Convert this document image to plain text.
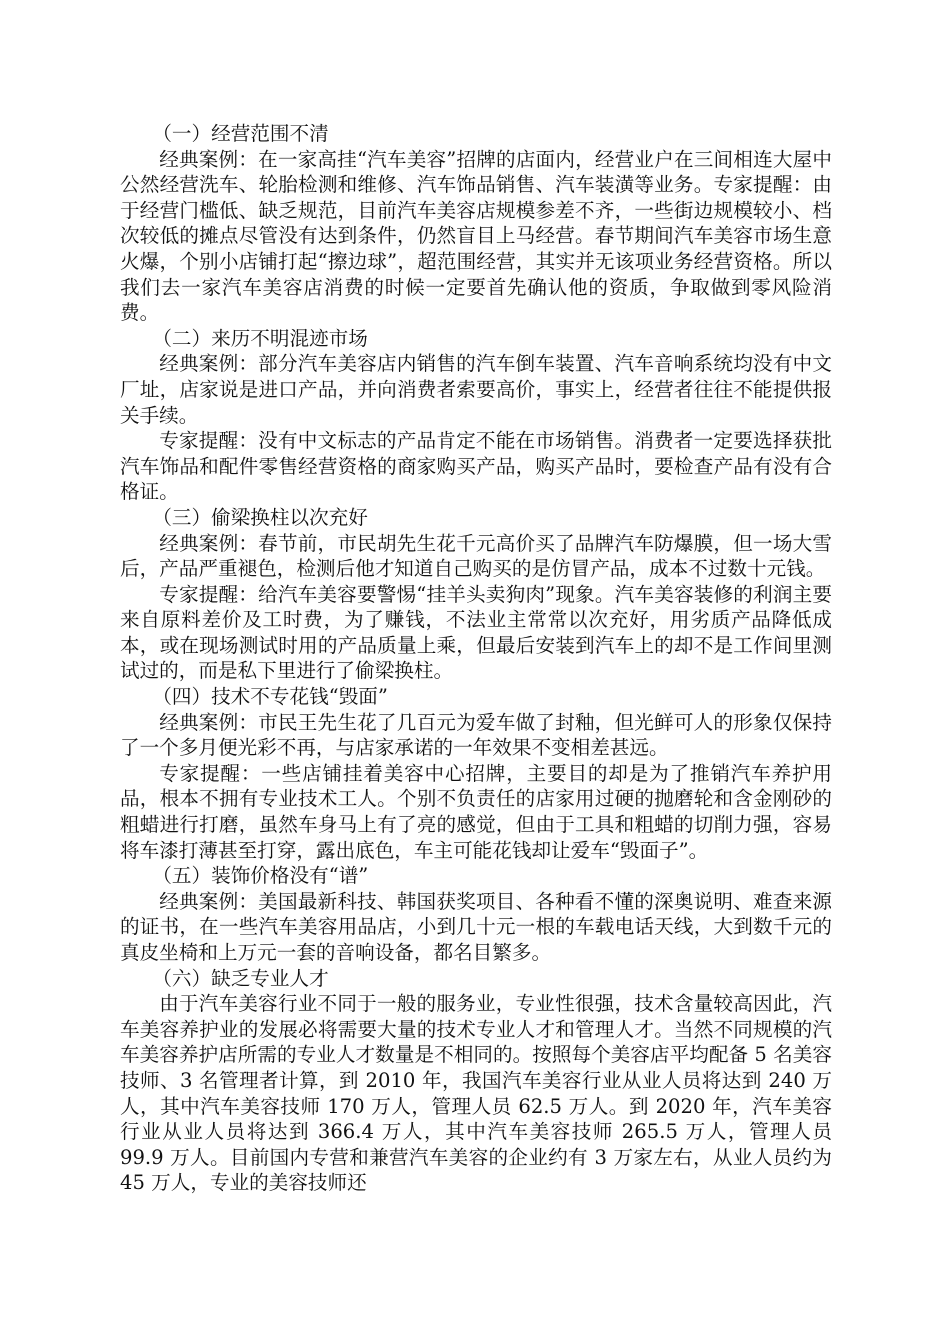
（一）经营范围不清

经典案例：在一家高挂“汽车美容”招牌的店面内，经营业户在三间相连大屋中公然经营洗车、轮胎检测和维修、汽车饰品销售、汽车装潢等业务。专家提醒：由于经营门槛低、缺乏规范，目前汽车美容店规模参差不齐，一些街边规模较小、档次较低的摊点尽管没有达到条件，仍然盲目上马经营。春节期间汽车美容市场生意火爆，个别小店铺打起“擦边球”，超范围经营，其实并无该项业务经营资格。所以我们去一家汽车美容店消费的时候一定要首先确认他的资质，争取做到零风险消费。

（二）来历不明混迹市场

经典案例：部分汽车美容店内销售的汽车倒车装置、汽车音响系统均没有中文厂址，店家说是进口产品，并向消费者索要高价，事实上，经营者往往不能提供报关手续。

专家提醒：没有中文标志的产品肯定不能在市场销售。消费者一定要选择获批汽车饰品和配件零售经营资格的商家购买产品，购买产品时，要检查产品有没有合格证。

（三）偷梁换柱以次充好

经典案例：春节前，市民胡先生花千元高价买了品牌汽车防爆膜，但一场大雪后，产品严重褪色，检测后他才知道自己购买的是仿冒产品，成本不过数十元钱。

专家提醒：给汽车美容要警惕“挂羊头卖狗肉”现象。汽车美容装修的利润主要来自原料差价及工时费，为了赚钱，不法业主常常以次充好，用劣质产品降低成本，或在现场测试时用的产品质量上乘，但最后安装到汽车上的却不是工作间里测试过的，而是私下里进行了偷梁换柱。

（四）技术不专花钱“毁面”

经典案例：市民王先生花了几百元为爱车做了封釉，但光鲜可人的形象仅保持了一个多月便光彩不再，与店家承诺的一年效果不变相差甚远。

专家提醒：一些店铺挂着美容中心招牌，主要目的却是为了推销汽车养护用品，根本不拥有专业技术工人。个别不负责任的店家用过硬的抛磨轮和含金刚砂的粗蜡进行打磨，虽然车身马上有了亮的感觉，但由于工具和粗蜡的切削力强，容易将车漆打薄甚至打穿，露出底色，车主可能花钱却让爱车“毁面子”。

（五）装饰价格没有“谱”

经典案例：美国最新科技、韩国获奖项目、各种看不懂的深奥说明、难查来源的证书，在一些汽车美容用品店，小到几十元一根的车载电话天线，大到数千元的真皮坐椅和上万元一套的音响设备，都名目繁多。

（六）缺乏专业人才

由于汽车美容行业不同于一般的服务业，专业性很强，技术含量较高因此，汽车美容养护业的发展必将需要大量的技术专业人才和管理人才。当然不同规模的汽车美容养护店所需的专业人才数量是不相同的。按照每个美容店平均配备 5 名美容技师、3 名管理者计算，到 2010 年，我国汽车美容行业从业人员将达到 240 万人，其中汽车美容技师 170 万人，管理人员 62.5 万人。到 2020 年，汽车美容行业从业人员将达到 366.4 万人，其中汽车美容技师 265.5 万人，管理人员 99.9 万人。目前国内专营和兼营汽车美容的企业约有 3 万家左右，从业人员约为 45 万人，专业的美容技师还
